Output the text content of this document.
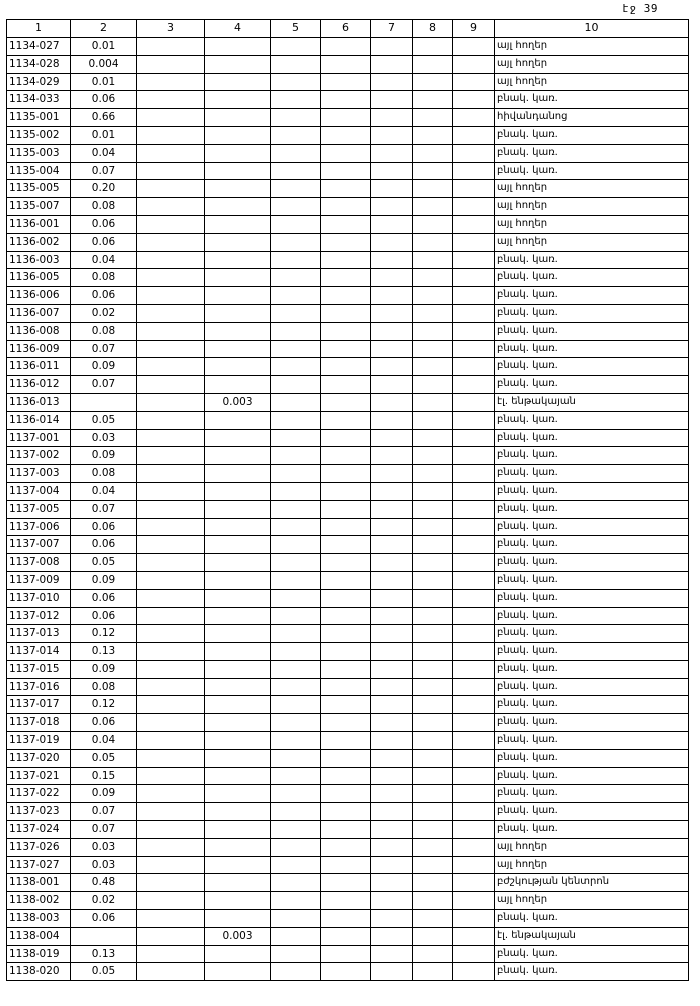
էջ 39
1	2	3	4	5	6	7	8	9	10
1134-027	0.01								այլ հողեր
1134-028	0.004								այլ հողեր
1134-029	0.01								այլ հողեր
1134-033	0.06								բնակ. կառ.
1135-001	0.66								հիվանդանոց
1135-002	0.01								բնակ. կառ.
1135-003	0.04								բնակ. կառ.
1135-004	0.07								բնակ. կառ.
1135-005	0.20								այլ հողեր
1135-007	0.08								այլ հողեր
1136-001	0.06								այլ հողեր
1136-002	0.06								այլ հողեր
1136-003	0.04								բնակ. կառ.
1136-005	0.08								բնակ. կառ.
1136-006	0.06								բնակ. կառ.
1136-007	0.02								բնակ. կառ.
1136-008	0.08								բնակ. կառ.
1136-009	0.07								բնակ. կառ.
1136-011	0.09								բնակ. կառ.
1136-012	0.07								բնակ. կառ.
1136-013			0.003						էլ. ենթակայան
1136-014	0.05								բնակ. կառ.
1137-001	0.03								բնակ. կառ.
1137-002	0.09								բնակ. կառ.
1137-003	0.08								բնակ. կառ.
1137-004	0.04								բնակ. կառ.
1137-005	0.07								բնակ. կառ.
1137-006	0.06								բնակ. կառ.
1137-007	0.06								բնակ. կառ.
1137-008	0.05								բնակ. կառ.
1137-009	0.09								բնակ. կառ.
1137-010	0.06								բնակ. կառ.
1137-012	0.06								բնակ. կառ.
1137-013	0.12								բնակ. կառ.
1137-014	0.13								բնակ. կառ.
1137-015	0.09								բնակ. կառ.
1137-016	0.08								բնակ. կառ.
1137-017	0.12								բնակ. կառ.
1137-018	0.06								բնակ. կառ.
1137-019	0.04								բնակ. կառ.
1137-020	0.05								բնակ. կառ.
1137-021	0.15								բնակ. կառ.
1137-022	0.09								բնակ. կառ.
1137-023	0.07								բնակ. կառ.
1137-024	0.07								բնակ. կառ.
1137-026	0.03								այլ հողեր
1137-027	0.03								այլ հողեր
1138-001	0.48								բժշկության կենտրոն
1138-002	0.02								այլ հողեր
1138-003	0.06								բնակ. կառ.
1138-004			0.003						էլ. ենթակայան
1138-019	0.13								բնակ. կառ.
1138-020	0.05								բնակ. կառ.
